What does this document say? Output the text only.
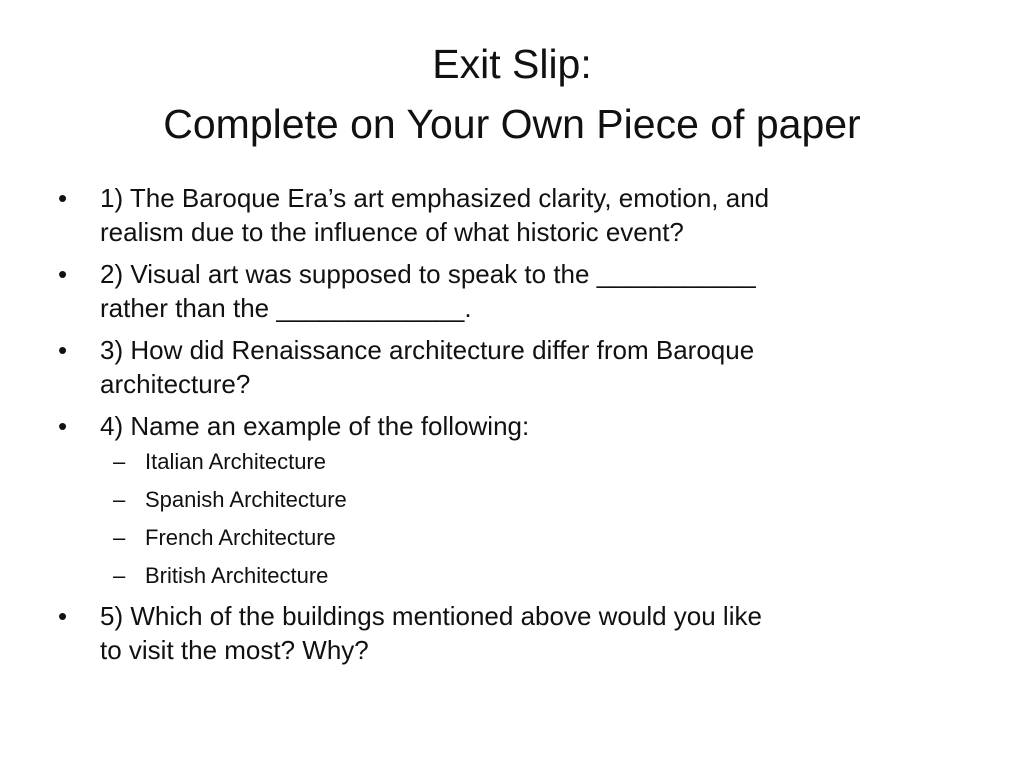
Exit Slip:
Complete on Your Own Piece of paper
•	1) The Baroque Era’s art emphasized clarity, emotion, and
realism due to the influence of what historic event?
•	2) Visual art was supposed to speak to the ___________
rather than the _____________.
•	3) How did Renaissance architecture differ from Baroque
architecture?
•	4) Name an example of the following:
– Italian Architecture
– Spanish Architecture
– French Architecture
– British Architecture
•	5) Which of the buildings mentioned above would you like
to visit the most? Why?
